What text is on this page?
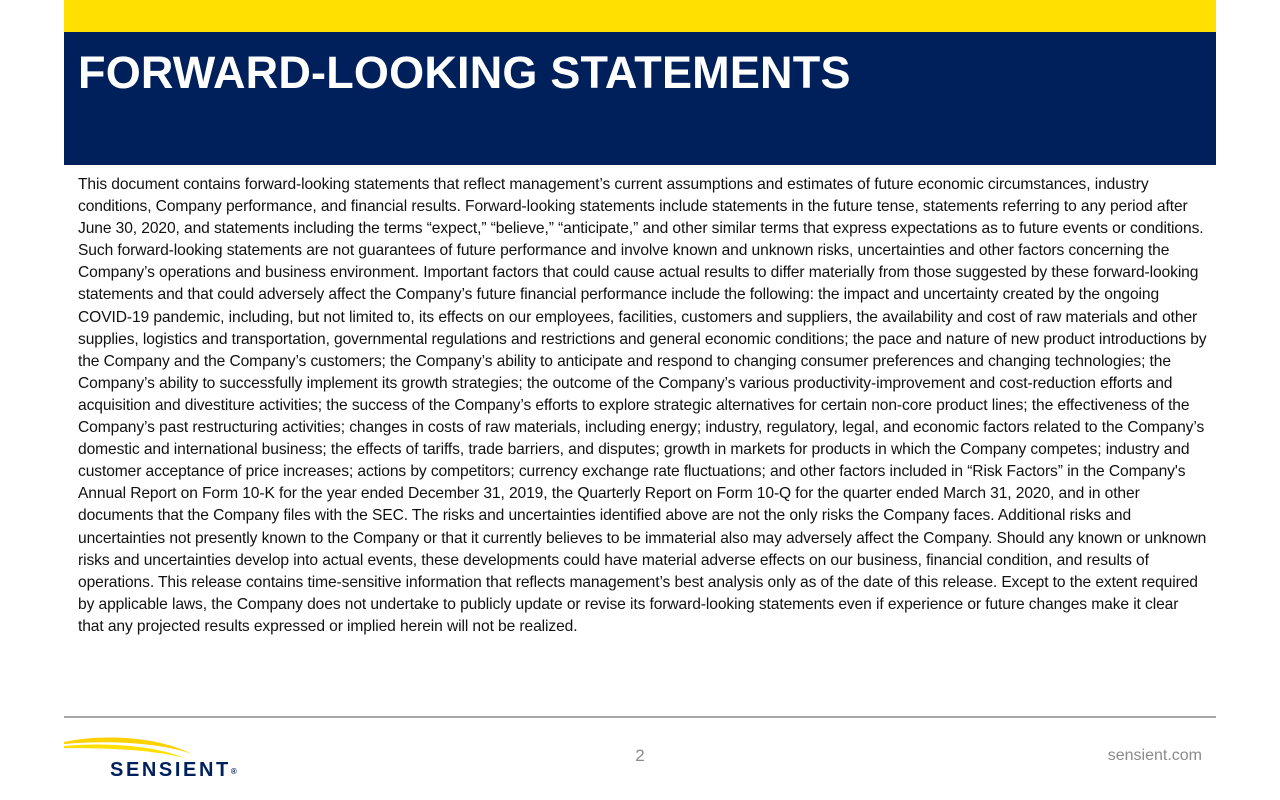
FORWARD-LOOKING STATEMENTS

This document contains forward-looking statements that reflect management’s current assumptions and estimates of future economic circumstances, industry conditions, Company performance, and financial results. Forward-looking statements include statements in the future tense, statements referring to any period after June 30, 2020, and statements including the terms “expect,” “believe,” “anticipate,” and other similar terms that express expectations as to future events or conditions. Such forward-looking statements are not guarantees of future performance and involve known and unknown risks, uncertainties and other factors concerning the Company’s operations and business environment. Important factors that could cause actual results to differ materially from those suggested by these forward-looking statements and that could adversely affect the Company’s future financial performance include the following: the impact and uncertainty created by the ongoing COVID-19 pandemic, including, but not limited to, its effects on our employees, facilities, customers and suppliers, the availability and cost of raw materials and other supplies, logistics and transportation, governmental regulations and restrictions and general economic conditions; the pace and nature of new product introductions by the Company and the Company’s customers; the Company’s ability to anticipate and respond to changing consumer preferences and changing technologies; the Company’s ability to successfully implement its growth strategies; the outcome of the Company’s various productivity-improvement and cost-reduction efforts and acquisition and divestiture activities; the success of the Company’s efforts to explore strategic alternatives for certain non-core product lines; the effectiveness of the Company’s past restructuring activities; changes in costs of raw materials, including energy; industry, regulatory, legal, and economic factors related to the Company’s domestic and international business; the effects of tariffs, trade barriers, and disputes; growth in markets for products in which the Company competes; industry and customer acceptance of price increases; actions by competitors; currency exchange rate fluctuations; and other factors included in “Risk Factors” in the Company's Annual Report on Form 10-K for the year ended December 31, 2019, the Quarterly Report on Form 10-Q for the quarter ended March 31, 2020, and in other documents that the Company files with the SEC. The risks and uncertainties identified above are not the only risks the Company faces. Additional risks and uncertainties not presently known to the Company or that it currently believes to be immaterial also may adversely affect the Company. Should any known or unknown risks and uncertainties develop into actual events, these developments could have material adverse effects on our business, financial condition, and results of operations. This release contains time-sensitive information that reflects management’s best analysis only as of the date of this release. Except to the extent required by applicable laws, the Company does not undertake to publicly update or revise its forward-looking statements even if experience or future changes make it clear that any projected results expressed or implied herein will not be realized.

SENSIENT®
2	sensient.com
